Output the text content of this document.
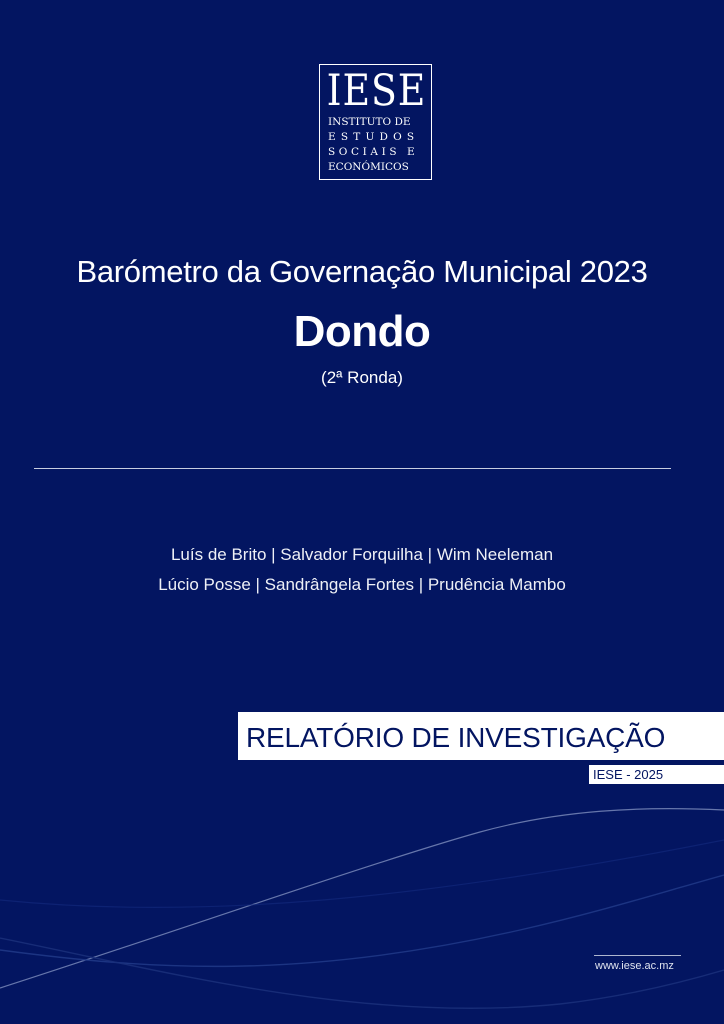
IESE
INSTITUTO DE
ESTUDOS
SOCIAIS E
ECONÓMICOS
Barómetro da Governação Municipal 2023
Dondo
(2ª Ronda)
Luís de Brito | Salvador Forquilha | Wim Neeleman
Lúcio Posse | Sandrângela Fortes | Prudência Mambo
RELATÓRIO DE INVESTIGAÇÃO
IESE - 2025
www.iese.ac.mz
